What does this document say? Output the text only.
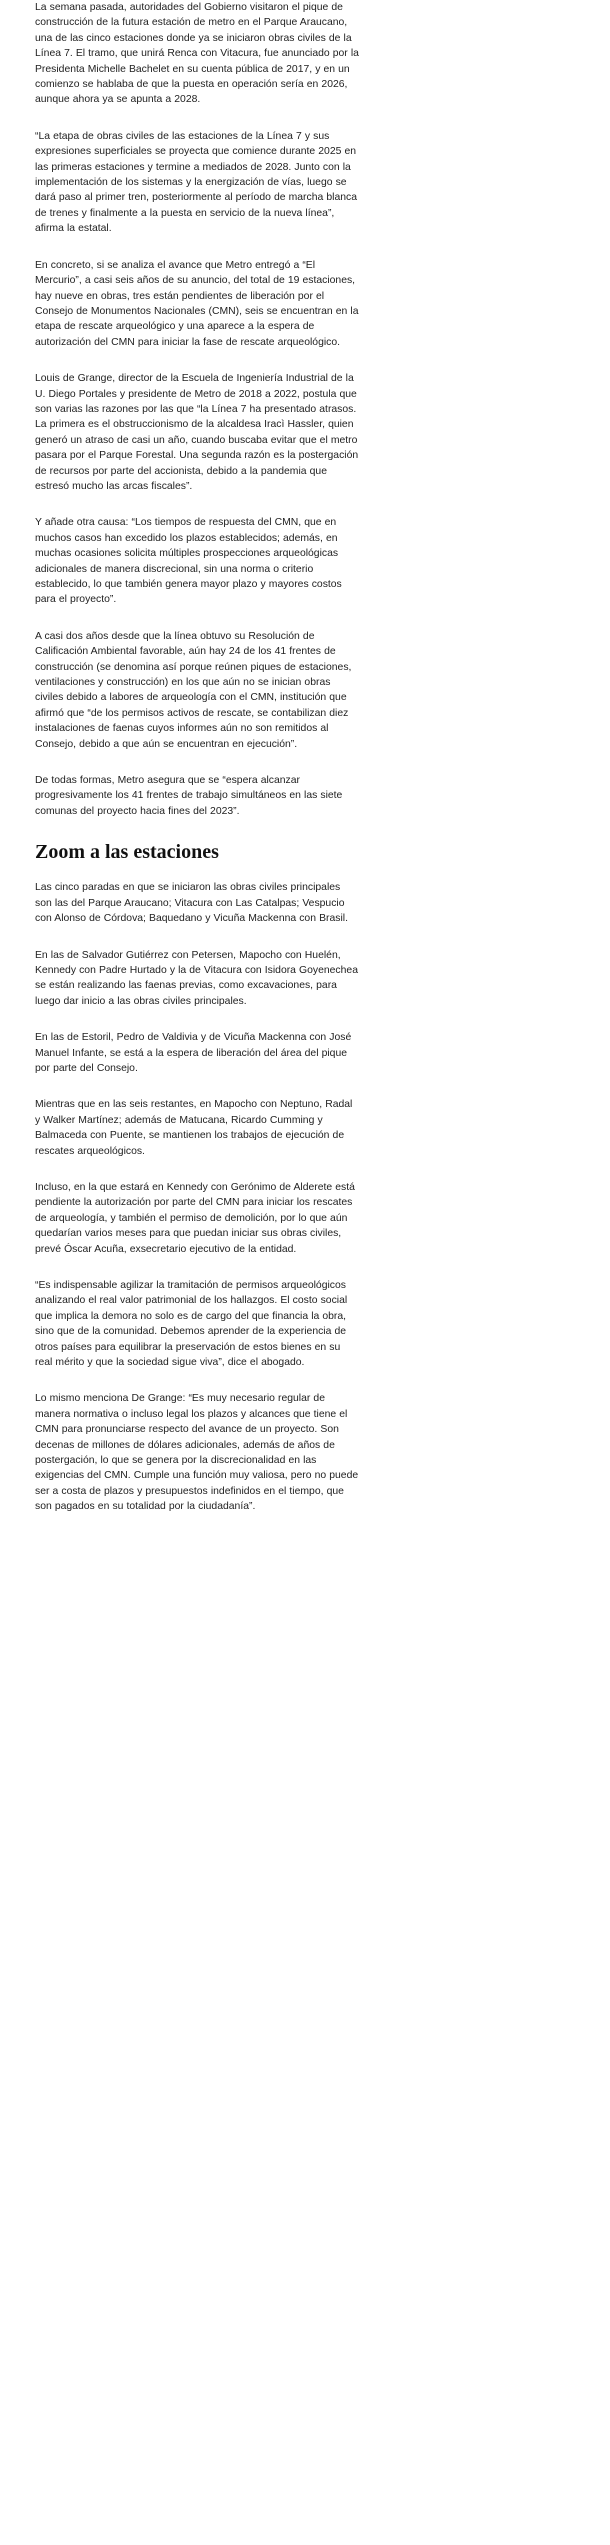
La semana pasada, autoridades del Gobierno visitaron el pique de construcción de la futura estación de metro en el Parque Araucano, una de las cinco estaciones donde ya se iniciaron obras civiles de la Línea 7. El tramo, que unirá Renca con Vitacura, fue anunciado por la Presidenta Michelle Bachelet en su cuenta pública de 2017, y en un comienzo se hablaba de que la puesta en operación sería en 2026, aunque ahora ya se apunta a 2028.

“La etapa de obras civiles de las estaciones de la Línea 7 y sus expresiones superficiales se proyecta que comience durante 2025 en las primeras estaciones y termine a mediados de 2028. Junto con la implementación de los sistemas y la energización de vías, luego se dará paso al primer tren, posteriormente al período de marcha blanca de trenes y finalmente a la puesta en servicio de la nueva línea”, afirma la estatal.

En concreto, si se analiza el avance que Metro entregó a “El Mercurio”, a casi seis años de su anuncio, del total de 19 estaciones, hay nueve en obras, tres están pendientes de liberación por el Consejo de Monumentos Nacionales (CMN), seis se encuentran en la etapa de rescate arqueológico y una aparece a la espera de autorización del CMN para iniciar la fase de rescate arqueológico.

Louis de Grange, director de la Escuela de Ingeniería Industrial de la U. Diego Portales y presidente de Metro de 2018 a 2022, postula que son varias las razones por las que “la Línea 7 ha presentado atrasos. La primera es el obstruccionismo de la alcaldesa Iracì Hassler, quien generó un atraso de casi un año, cuando buscaba evitar que el metro pasara por el Parque Forestal. Una segunda razón es la postergación de recursos por parte del accionista, debido a la pandemia que estresó mucho las arcas fiscales”.

Y añade otra causa: “Los tiempos de respuesta del CMN, que en muchos casos han excedido los plazos establecidos; además, en muchas ocasiones solicita múltiples prospecciones arqueológicas adicionales de manera discrecional, sin una norma o criterio establecido, lo que también genera mayor plazo y mayores costos para el proyecto”.

A casi dos años desde que la línea obtuvo su Resolución de Calificación Ambiental favorable, aún hay 24 de los 41 frentes de construcción (se denomina así porque reúnen piques de estaciones, ventilaciones y construcción) en los que aún no se inician obras civiles debido a labores de arqueología con el CMN, institución que afirmó que “de los permisos activos de rescate, se contabilizan diez instalaciones de faenas cuyos informes aún no son remitidos al Consejo, debido a que aún se encuentran en ejecución”.

De todas formas, Metro asegura que se “espera alcanzar progresivamente los 41 frentes de trabajo simultáneos en las siete comunas del proyecto hacia fines del 2023”.

Zoom a las estaciones

Las cinco paradas en que se iniciaron las obras civiles principales son las del Parque Araucano; Vitacura con Las Catalpas; Vespucio con Alonso de Córdova; Baquedano y Vicuña Mackenna con Brasil.

En las de Salvador Gutiérrez con Petersen, Mapocho con Huelén, Kennedy con Padre Hurtado y la de Vitacura con Isidora Goyenechea se están realizando las faenas previas, como excavaciones, para luego dar inicio a las obras civiles principales.

En las de Estoril, Pedro de Valdivia y de Vicuña Mackenna con José Manuel Infante, se está a la espera de liberación del área del pique por parte del Consejo.

Mientras que en las seis restantes, en Mapocho con Neptuno, Radal y Walker Martínez; además de Matucana, Ricardo Cumming y Balmaceda con Puente, se mantienen los trabajos de ejecución de rescates arqueológicos.

Incluso, en la que estará en Kennedy con Gerónimo de Alderete está pendiente la autorización por parte del CMN para iniciar los rescates de arqueología, y también el permiso de demolición, por lo que aún quedarían varios meses para que puedan iniciar sus obras civiles, prevé Óscar Acuña, exsecretario ejecutivo de la entidad.

“Es indispensable agilizar la tramitación de permisos arqueológicos analizando el real valor patrimonial de los hallazgos. El costo social que implica la demora no solo es de cargo del que financia la obra, sino que de la comunidad. Debemos aprender de la experiencia de otros países para equilibrar la preservación de estos bienes en su real mérito y que la sociedad sigue viva”, dice el abogado.

Lo mismo menciona De Grange: “Es muy necesario regular de manera normativa o incluso legal los plazos y alcances que tiene el CMN para pronunciarse respecto del avance de un proyecto. Son decenas de millones de dólares adicionales, además de años de postergación, lo que se genera por la discrecionalidad en las exigencias del CMN. Cumple una función muy valiosa, pero no puede ser a costa de plazos y presupuestos indefinidos en el tiempo, que son pagados en su totalidad por la ciudadanía”.
